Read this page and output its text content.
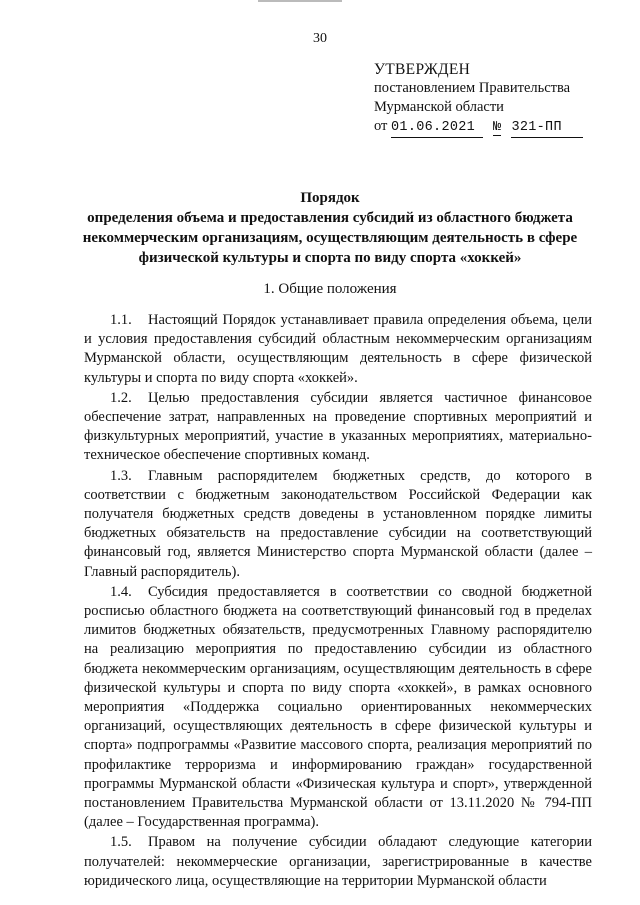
30
УТВЕРЖДЕН
постановлением Правительства
Мурманской области
от 01.06.2021 № 321-ПП
Порядок
определения объема и предоставления субсидий из областного бюджета
некоммерческим организациям, осуществляющим деятельность в сфере
физической культуры и спорта по виду спорта «хоккей»
1. Общие положения

1.1. Настоящий Порядок устанавливает правила определения объема, цели и условия предоставления субсидий областным некоммерческим организациям Мурманской области, осуществляющим деятельность в сфере физической культуры и спорта по виду спорта «хоккей».

1.2. Целью предоставления субсидии является частичное финансовое обеспечение затрат, направленных на проведение спортивных мероприятий и физкультурных мероприятий, участие в указанных мероприятиях, материально-техническое обеспечение спортивных команд.

1.3. Главным распорядителем бюджетных средств, до которого в соответствии с бюджетным законодательством Российской Федерации как получателя бюджетных средств доведены в установленном порядке лимиты бюджетных обязательств на предоставление субсидии на соответствующий финансовый год, является Министерство спорта Мурманской области (далее – Главный распорядитель).

1.4. Субсидия предоставляется в соответствии со сводной бюджетной росписью областного бюджета на соответствующий финансовый год в пределах лимитов бюджетных обязательств, предусмотренных Главному распорядителю на реализацию мероприятия по предоставлению субсидии из областного бюджета некоммерческим организациям, осуществляющим деятельность в сфере физической культуры и спорта по виду спорта «хоккей», в рамках основного мероприятия «Поддержка социально ориентированных некоммерческих организаций, осуществляющих деятельность в сфере физической культуры и спорта» подпрограммы «Развитие массового спорта, реализация мероприятий по профилактике терроризма и информированию граждан» государственной программы Мурманской области «Физическая культура и спорт», утвержденной постановлением Правительства Мурманской области от 13.11.2020 № 794-ПП (далее – Государственная программа).

1.5. Правом на получение субсидии обладают следующие категории получателей: некоммерческие организации, зарегистрированные в качестве юридического лица, осуществляющие на территории Мурманской области
